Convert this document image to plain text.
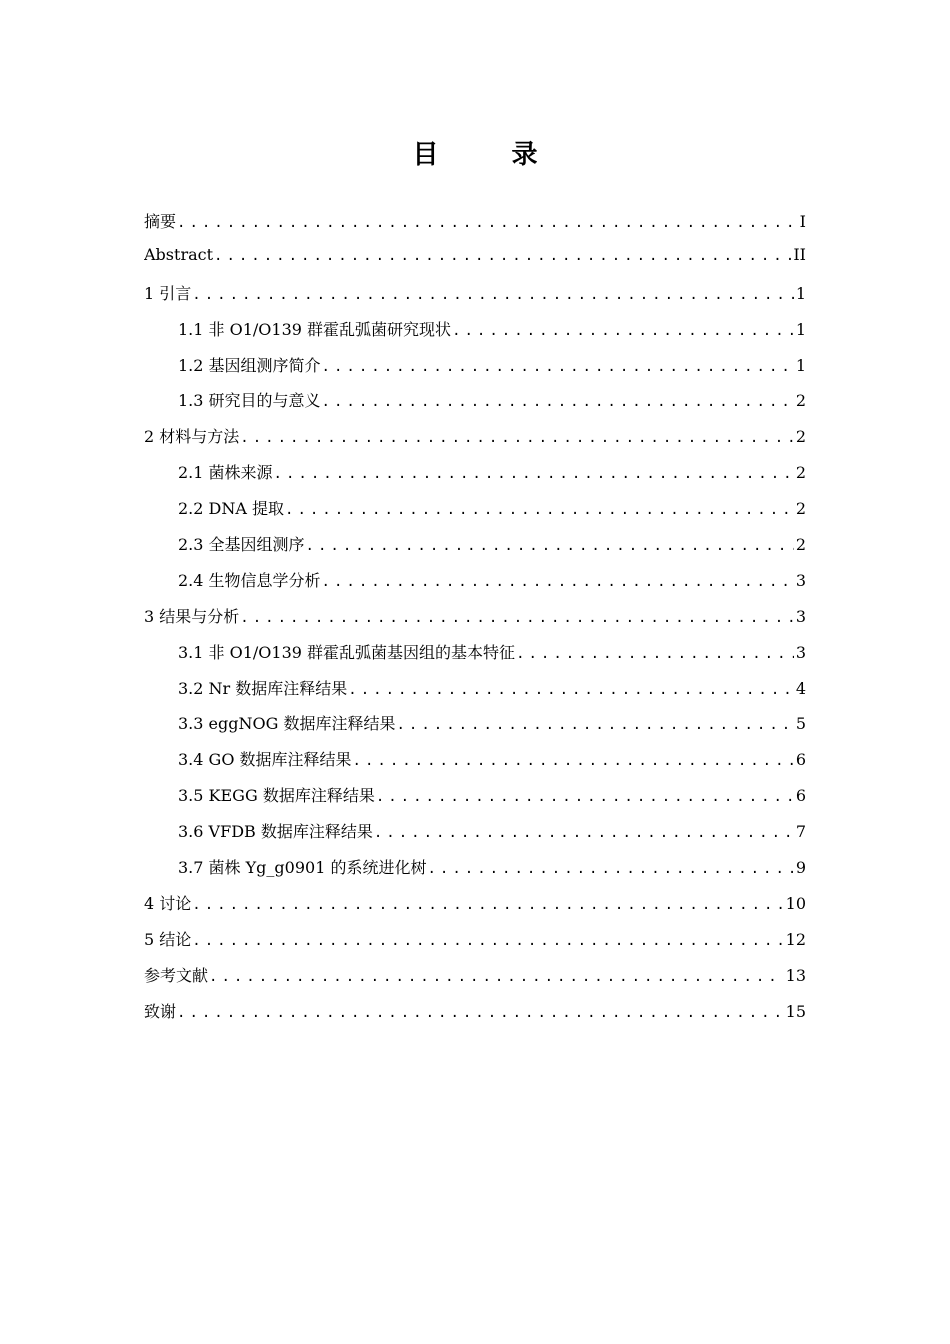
目 录
摘要 .....	I
Abstract .....	II
1 引言 .....	1
1.1 非 O1/O139 群霍乱弧菌研究现状 .....	1
1.2 基因组测序简介 .....	1
1.3 研究目的与意义 .....	2
2 材料与方法 .....	2
2.1 菌株来源 .....	2
2.2 DNA 提取 .....	2
2.3 全基因组测序 .....	2
2.4 生物信息学分析 .....	3
3 结果与分析 .....	3
3.1 非 O1/O139 群霍乱弧菌基因组的基本特征 .....	3
3.2 Nr 数据库注释结果 .....	4
3.3 eggNOG 数据库注释结果 .....	5
3.4 GO 数据库注释结果 .....	6
3.5 KEGG 数据库注释结果 .....	6
3.6 VFDB 数据库注释结果 .....	7
3.7 菌株 Yg_g0901 的系统进化树 .....	9
4 讨论 .....	10
5 结论 .....	12
参考文献 .....	13
致谢 .....	15
